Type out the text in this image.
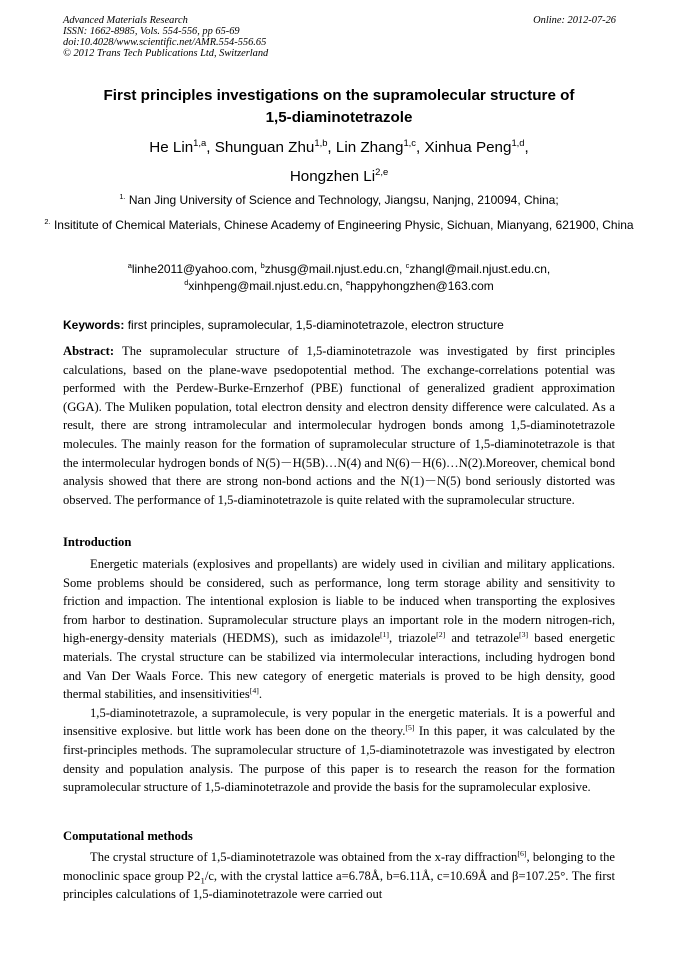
Advanced Materials Research
ISSN: 1662-8985, Vols. 554-556, pp 65-69
doi:10.4028/www.scientific.net/AMR.554-556.65
© 2012 Trans Tech Publications Ltd, Switzerland
Online: 2012-07-26
First principles investigations on the supramolecular structure of
1,5-diaminotetrazole
He Lin$^{1,a}$, Shunguan Zhu$^{1,b}$, Lin Zhang$^{1,c}$, Xinhua Peng$^{1,d}$,
Hongzhen Li$^{2,e}$
$^{1.}$ Nan Jing University of Science and Technology, Jiangsu, Nanjng, 210094, China;
$^{2.}$ Insititute of Chemical Materials, Chinese Academy of Engineering Physic, Sichuan, Mianyang, 621900, China
$^a$linhe2011@yahoo.com, $^b$zhusg@mail.njust.edu.cn, $^c$zhangl@mail.njust.edu.cn,
$^d$xinhpeng@mail.njust.edu.cn, $^e$happyhongzhen@163.com
Keywords: first principles, supramolecular, 1,5-diaminotetrazole, electron structure
Abstract: The supramolecular structure of 1,5-diaminotetrazole was investigated by first principles calculations, based on the plane-wave psedopotential method. The exchange-correlations potential was performed with the Perdew-Burke-Ernzerhof (PBE) functional of generalized gradient approximation (GGA). The Muliken population, total electron density and electron density difference were calculated. As a result, there are strong intramolecular and intermolecular hydrogen bonds among 1,5-diaminotetrazole molecules. The mainly reason for the formation of supramolecular structure of 1,5-diaminotetrazole is that the intermolecular hydrogen bonds of N(5)－H(5B)…N(4) and N(6)－H(6)…N(2).Moreover, chemical bond analysis showed that there are strong non-bond actions and the N(1)－N(5) bond seriously distorted was observed. The performance of 1,5-diaminotetrazole is quite related with the supramolecular structure.
Introduction

Energetic materials (explosives and propellants) are widely used in civilian and military applications. Some problems should be considered, such as performance, long term storage ability and sensitivity to friction and impaction. The intentional explosion is liable to be induced when transporting the explosives from harbor to destination. Supramolecular structure plays an important role in the modern nitrogen-rich, high-energy-density materials (HEDMS), such as imidazole[1], triazole[2] and tetrazole[3] based energetic materials. The crystal structure can be stabilized via intermolecular interactions, including hydrogen bond and Van Der Waals Force. This new category of energetic materials is proved to be high density, good thermal stabilities, and insensitivities[4].

1,5-diaminotetrazole, a supramolecule, is very popular in the energetic materials. It is a powerful and insensitive explosive. but little work has been done on the theory.[5] In this paper, it was calculated by the first-principles methods. The supramolecular structure of 1,5-diaminotetrazole was investigated by electron density and population analysis. The purpose of this paper is to research the reason for the formation supramolecular structure of 1,5-diaminotetrazole and provide the basis for the supramolecular explosive.

Computational methods

The crystal structure of 1,5-diaminotetrazole was obtained from the x-ray diffraction[6], belonging to the monoclinic space group $P2_1/c$, with the crystal lattice a=6.78Å, b=6.11Å, c=10.69Å and β=107.25°. The first principles calculations of 1,5-diaminotetrazole were carried out
